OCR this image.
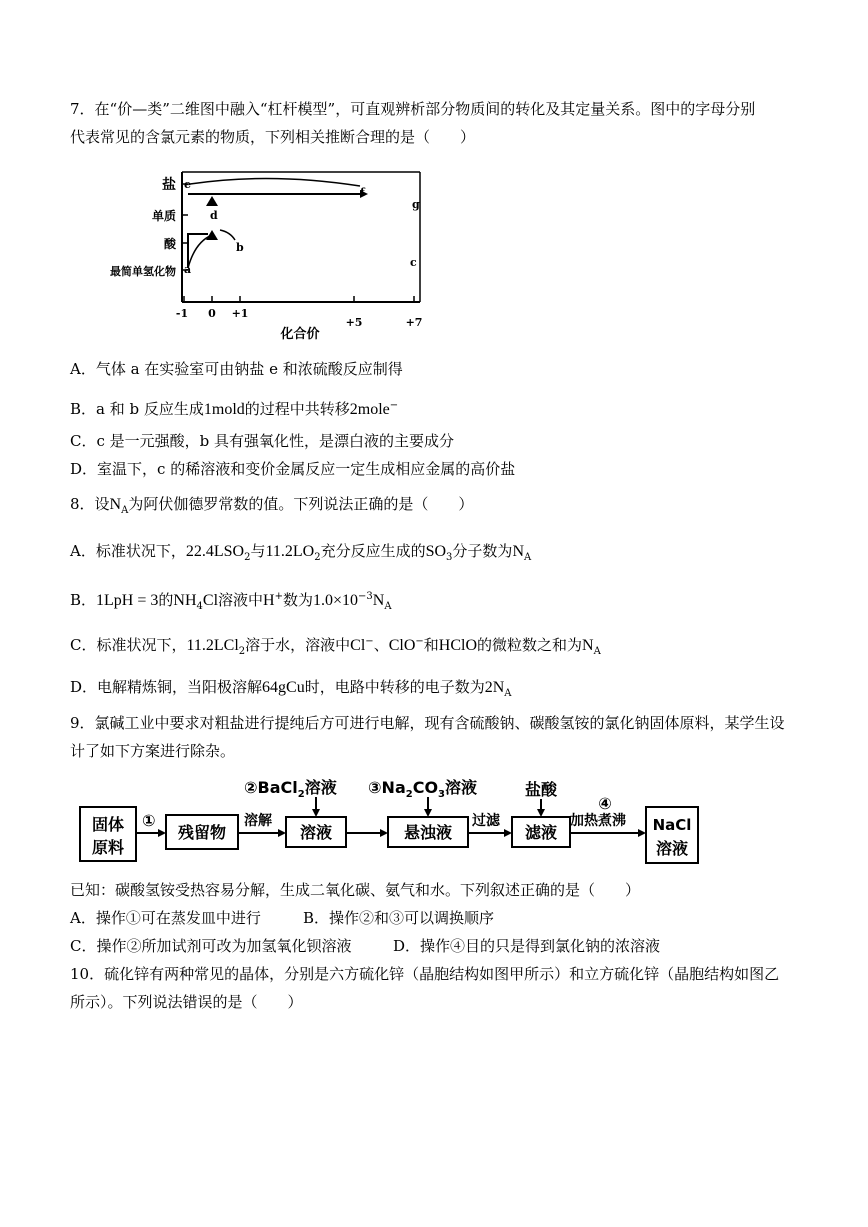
7．在“价—类”二维图中融入“杠杆模型”，可直观辨析部分物质间的转化及其定量关系。图中的字母分别
代表常见的含氯元素的物质，下列相关推断合理的是（　　）
盐
单质
酸
最简单氢化物
-1 0 +1
+5	+7
化合价
a
b
c
d
e
f
g
A．气体 a 在实验室可由钠盐 e 和浓硫酸反应制得
B．a 和 b 反应生成1mold的过程中共转移2mole−
C．c 是一元强酸，b 具有强氧化性，是漂白液的主要成分
D．室温下，c 的稀溶液和变价金属反应一定生成相应金属的高价盐
8．设$N_A$为阿伏伽德罗常数的值。下列说法正确的是（　　）
A．标准状况下，$22.4LSO_2$与$11.2LO_2$充分反应生成的$SO_3$分子数为$N_A$
B．1LpH = 3的$NH_4Cl$溶液中H+数为$1.0\times 10^{-3}N_A$
C．标准状况下，11.2LCl$_2$溶于水，溶液中Cl−、ClO−和HClO的微粒数之和为$N_A$
D．电解精炼铜，当阳极溶解64gCu时，电路中转移的电子数为$2N_A$
9．氯碱工业中要求对粗盐进行提纯后方可进行电解，现有含硫酸钠、碳酸氢铵的氯化钠固体原料，某学生设
计了如下方案进行除杂。
固体
原料
①
残留物
溶解
溶液
②BaCl$_2$溶液
悬浊液
$③Na_2CO_3$溶液
过滤
滤液
盐酸
④
加热煮沸 NaCl
溶液
已知：碳酸氢铵受热容易分解，生成二氧化碳、氨气和水。下列叙述正确的是（　　）
A．操作①可在蒸发皿中进行	B．操作②和③可以调换顺序
C．操作②所加试剂可改为加氢氧化钡溶液	D．操作④目的只是得到氯化钠的浓溶液
10．硫化锌有两种常见的晶体，分别是六方硫化锌（晶胞结构如图甲所示）和立方硫化锌（晶胞结构如图乙
所示）。下列说法错误的是（　　）
